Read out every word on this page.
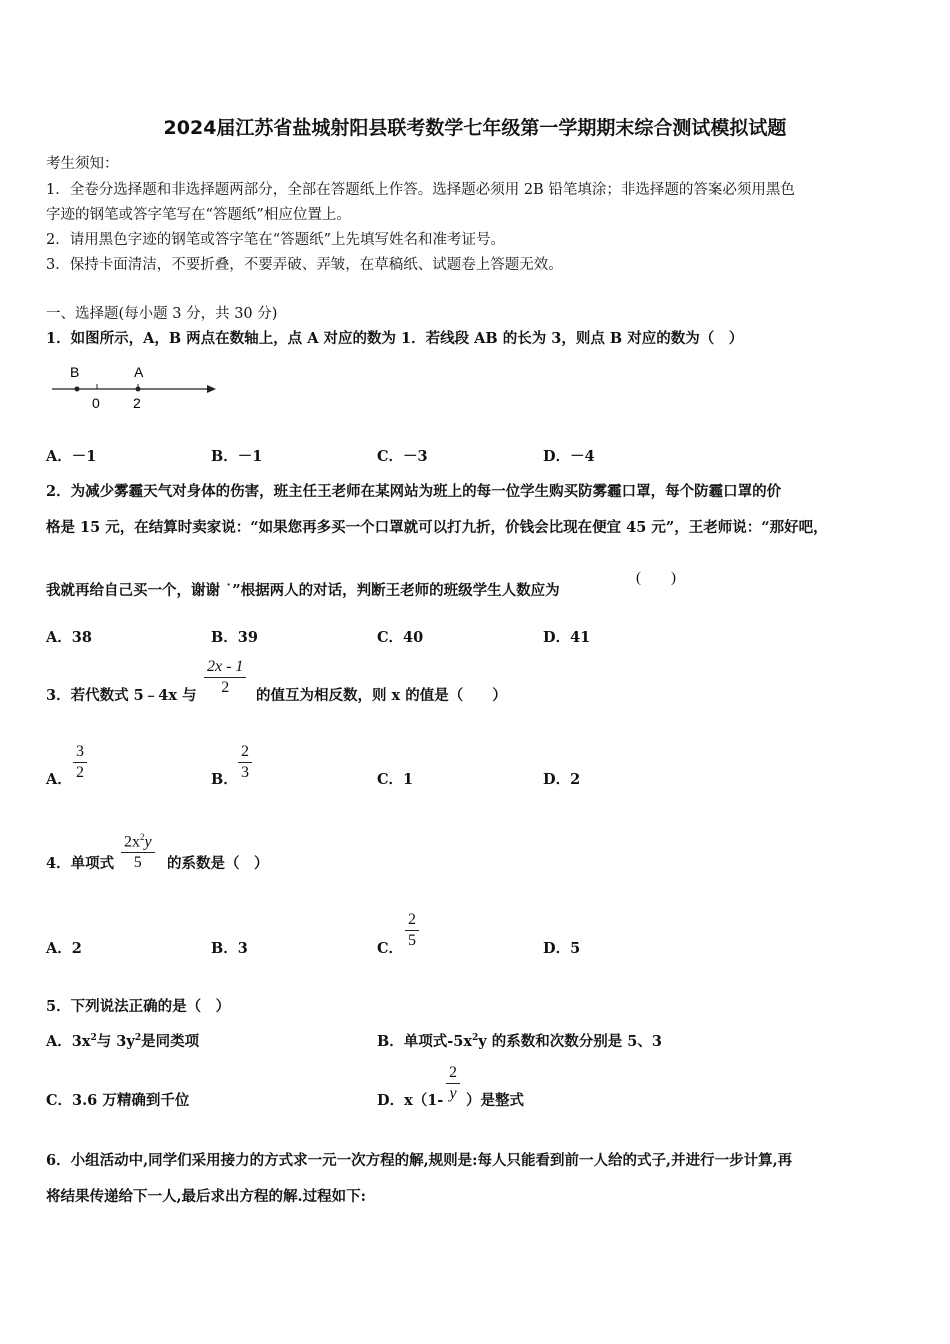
2024届江苏省盐城射阳县联考数学七年级第一学期期末综合测试模拟试题
考生须知：
1．全卷分选择题和非选择题两部分，全部在答题纸上作答。选择题必须用 2B 铅笔填涂；非选择题的答案必须用黑色
字迹的钢笔或答字笔写在“答题纸”相应位置上。
2．请用黑色字迹的钢笔或答字笔在“答题纸”上先填写姓名和准考证号。
3．保持卡面清洁，不要折叠，不要弄破、弄皱，在草稿纸、试题卷上答题无效。
一、选择题(每小题 3 分，共 30 分)
1．如图所示，A，B 两点在数轴上，点 A 对应的数为 1．若线段 AB 的长为 3，则点 B 对应的数为（　）
B	A
0 2
A．－1	B．－1	C．－3	D．－4
2．为减少雾霾天气对身体的伤害，班主任王老师在某网站为班上的每一位学生购买防雾霾口罩，每个防霾口罩的价
格是 15 元，在结算时卖家说：“如果您再多买一个口罩就可以打九折，价钱会比现在便宜 45 元”，王老师说：“那好吧，
我就再给自己买一个，谢谢 ˙”根据两人的对话，判断王老师的班级学生人数应为
(　　)
A．38	B．39	C．40	D．41
3．若代数式 5﹣4x 与 $\frac{2x - 1}{2}$ 的值互为相反数，则 x 的值是（　　）
A． $\frac{3}{2}$	B． $\frac{2}{3}$	C．1	D．2
4．单项式 $\frac{2x^2y}{5}$ 的系数是（　）
A．2	B．3	C． $\frac{2}{5}$	D．5
5．下列说法正确的是（　）
A．$3x^2$与 $3y^2$是同类项	B．单项式$-5x^2y$ 的系数和次数分别是 5、3
C．3.6 万精确到千位	D．$x(1- \frac{2}{y}$ ）是整式
6．小组活动中,同学们采用接力的方式求一元一次方程的解,规则是:每人只能看到前一人给的式子,并进行一步计算,再
将结果传递给下一人,最后求出方程的解.过程如下:
